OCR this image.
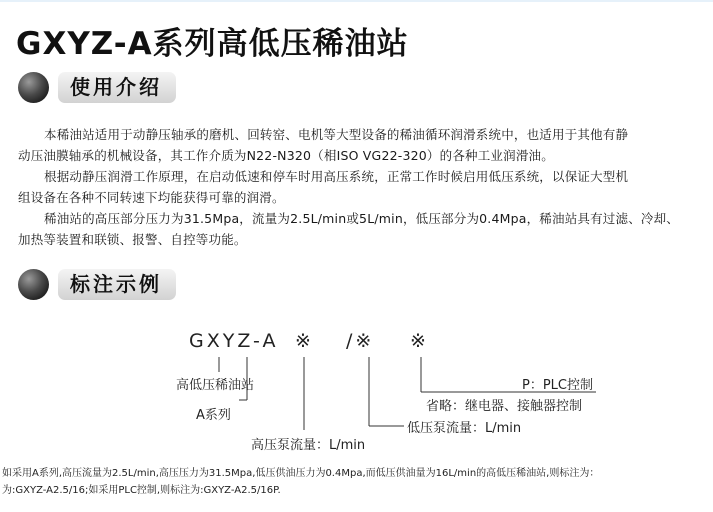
GXYZ-A系列高低压稀油站
使用介绍
本稀油站适用于动静压轴承的磨机、回转窑、电机等大型设备的稀油循环润滑系统中，也适用于其他有静
动压油膜轴承的机械设备，其工作介质为N22-N320（相ISO VG22-320）的各种工业润滑油。
根据动静压润滑工作原理，在启动低速和停车时用高压系统，正常工作时候启用低压系统，以保证大型机
组设备在各种不同转速下均能获得可靠的润滑。
稀油站的高压部分压力为31.5Mpa，流量为2.5L/min或5L/min，低压部分为0.4Mpa，稀油站具有过滤、冷却、
加热等装置和联锁、报警、自控等功能。
标注示例
GXYZ-A ※ /※ ※
高低压稀油站
A系列
高压泵流量：L/min
低压泵流量：L/min
P：PLC控制
省略：继电器、接触器控制
如采用A系列,高压流量为2.5L/min,高压压力为31.5Mpa,低压供油压力为0.4Mpa,而低压供油量为16L/min的高低压稀油站,则标注为：
为:GXYZ-A2.5/16;如采用PLC控制,则标注为:GXYZ-A2.5/16P.
